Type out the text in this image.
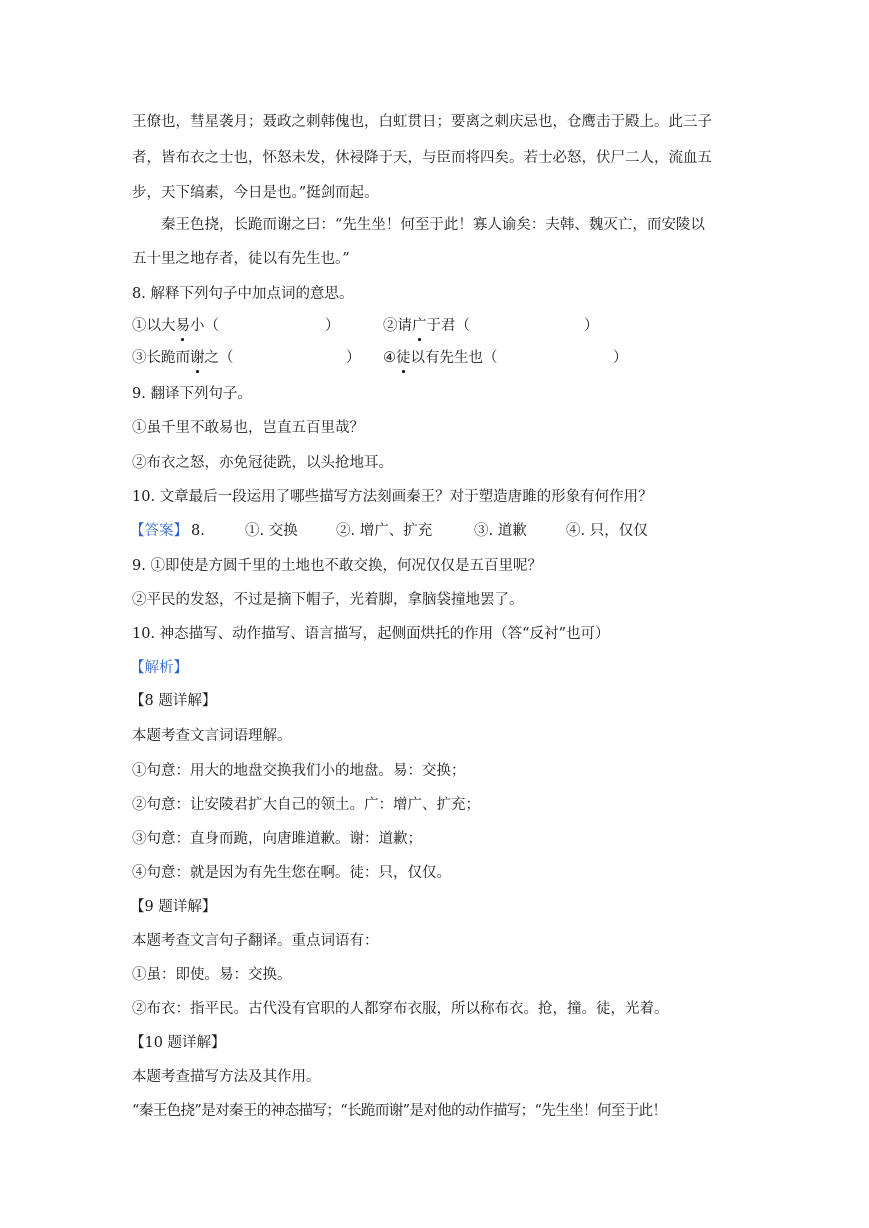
王僚也，彗星袭月；聂政之刺韩傀也，白虹贯日；要离之刺庆忌也，仓鹰击于殿上。此三子
者，皆布衣之士也，怀怒未发，休祲降于天，与臣而将四矣。若士必怒，伏尸二人，流血五
步，天下缟素，今日是也。”挺剑而起。
秦王色挠，长跪而谢之曰：“先生坐！何至于此！寡人谕矣：夫韩、魏灭亡，而安陵以
五十里之地存者，徒以有先生也。”
8. 解释下列句子中加点词的意思。
①以大易小（	）	②请广于君（	）
③长跪而谢之（	） ④徒以有先生也（	）
9. 翻译下列句子。
①虽千里不敢易也，岂直五百里哉？
②布衣之怒，亦免冠徒跣，以头抢地耳。
10. 文章最后一段运用了哪些描写方法刻画秦王？对于塑造唐雎的形象有何作用？
【答案】 8.	①. 交换	②. 增广、扩充	③. 道歉	④. 只，仅仅
9. ①即使是方圆千里的土地也不敢交换，何况仅仅是五百里呢？
②平民的发怒，不过是摘下帽子，光着脚，拿脑袋撞地罢了。
10. 神态描写、动作描写、语言描写，起侧面烘托的作用（答“反衬”也可）
【解析】
【8 题详解】
本题考查文言词语理解。
①句意：用大的地盘交换我们小的地盘。易：交换；
②句意：让安陵君扩大自己的领土。广：增广、扩充；
③句意：直身而跪，向唐雎道歉。谢：道歉；
④句意：就是因为有先生您在啊。徒：只，仅仅。
【9 题详解】
本题考查文言句子翻译。重点词语有：
①虽：即使。易：交换。
②布衣：指平民。古代没有官职的人都穿布衣服，所以称布衣。抢，撞。徒，光着。
【10 题详解】
本题考查描写方法及其作用。
“秦王色挠”是对秦王的神态描写；“长跪而谢”是对他的动作描写；“先生坐！何至于此！
